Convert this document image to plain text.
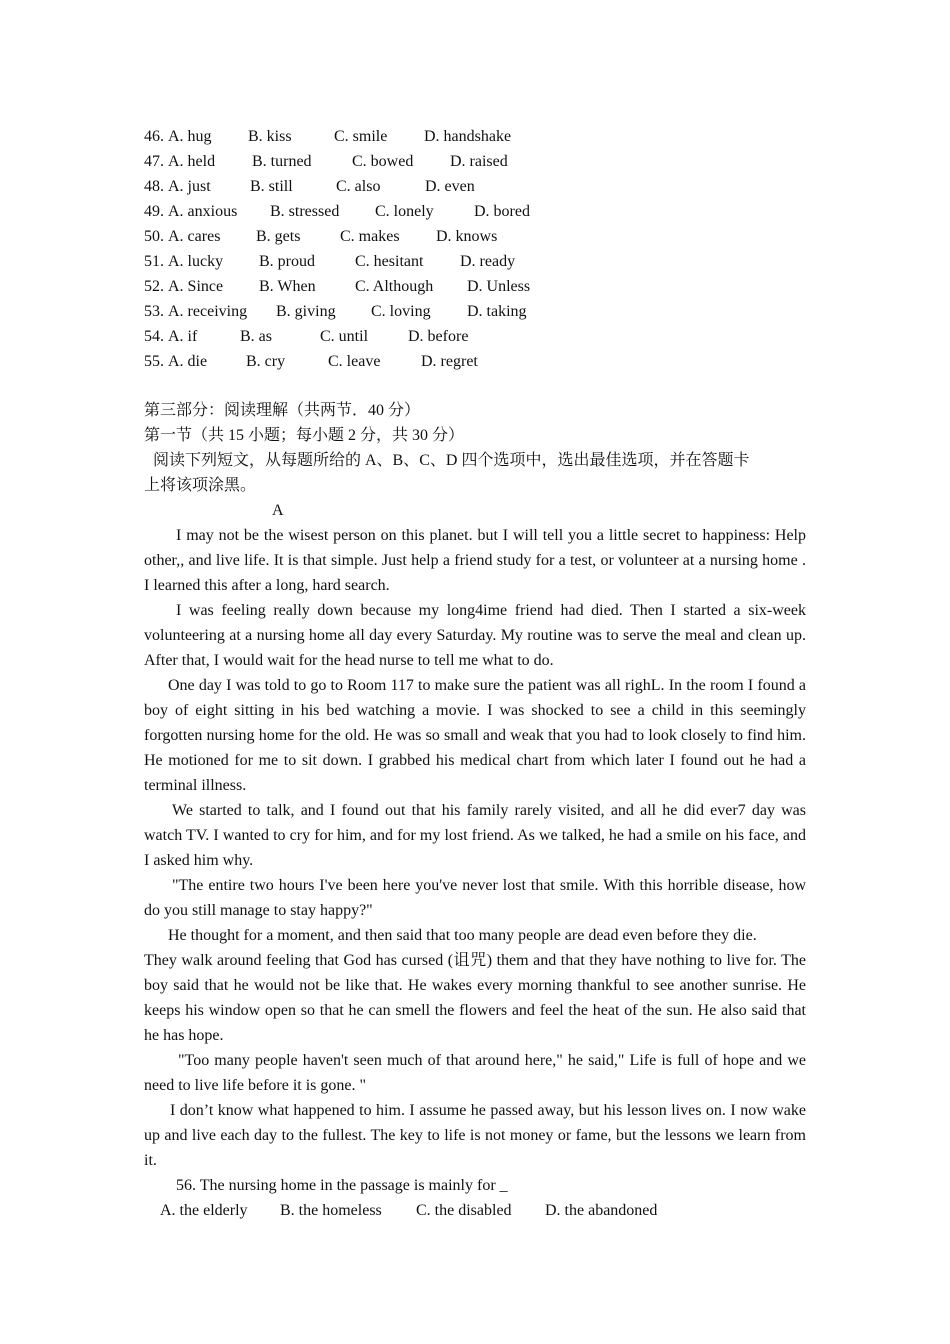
46. A. hug B. kiss	C. smile D. handshake
47. A. held B. turned	C. bowed D. raised
48. A. just B. still	C. also	D. even
49. A. anxious B. stressed C. lonely	D. bored
50. A. cares B. gets C. makes D. knows
51. A. lucky B. proud	C. hesitant D. ready
52. A. Since B. When C. Although D. Unless
53. A. receiving B. giving C. loving D. taking
54. A. if	B. as	C. until D. before
55. A. die B. cry	C. leave	D. regret
第三部分：阅读理解（共两节．40 分）
第一节（共 15 小题；每小题 2 分，共 30 分）
阅读下列短文，从每题所给的 A、B、C、D 四个选项中，选出最佳选项，并在答题卡
上将该项涂黑。
A

I may not be the wisest person on this planet. but I will tell you a little secret to happiness: Help other,, and live life. It is that simple. Just help a friend study for a test, or volunteer at a nursing home . I learned this after a long, hard search.

I was feeling really down because my long4ime friend had died. Then I started a six-week volunteering at a nursing home all day every Saturday. My routine was to serve the meal and clean up. After that, I would wait for the head nurse to tell me what to do.

One day I was told to go to Room 117 to make sure the patient was all righL. In the room I found a boy of eight sitting in his bed watching a movie. I was shocked to see a child in this seemingly forgotten nursing home for the old. He was so small and weak that you had to look closely to find him. He motioned for me to sit down. I grabbed his medical chart from which later I found out he had a terminal illness.

We started to talk, and I found out that his family rarely visited, and all he did ever7 day was watch TV. I wanted to cry for him, and for my lost friend. As we talked, he had a smile on his face, and I asked him why.

"The entire two hours I've been here you've never lost that smile. With this horrible disease, how do you still manage to stay happy?"

He thought for a moment, and then said that too many people are dead even before they die.

They walk around feeling that God has cursed (诅咒) them and that they have nothing to live for. The boy said that he would not be like that. He wakes every morning thankful to see another sunrise. He keeps his window open so that he can smell the flowers and feel the heat of the sun. He also said that he has hope.

"Too many people haven't seen much of that around here," he said," Life is full of hope and we need to live life before it is gone. "

I don’t know what happened to him. I assume he passed away, but his lesson lives on. I now wake up and live each day to the fullest. The key to life is not money or fame, but the lessons we learn from it.

56. The nursing home in the passage is mainly for _

A. the elderly B. the homeless C. the disabled D. the abandoned
